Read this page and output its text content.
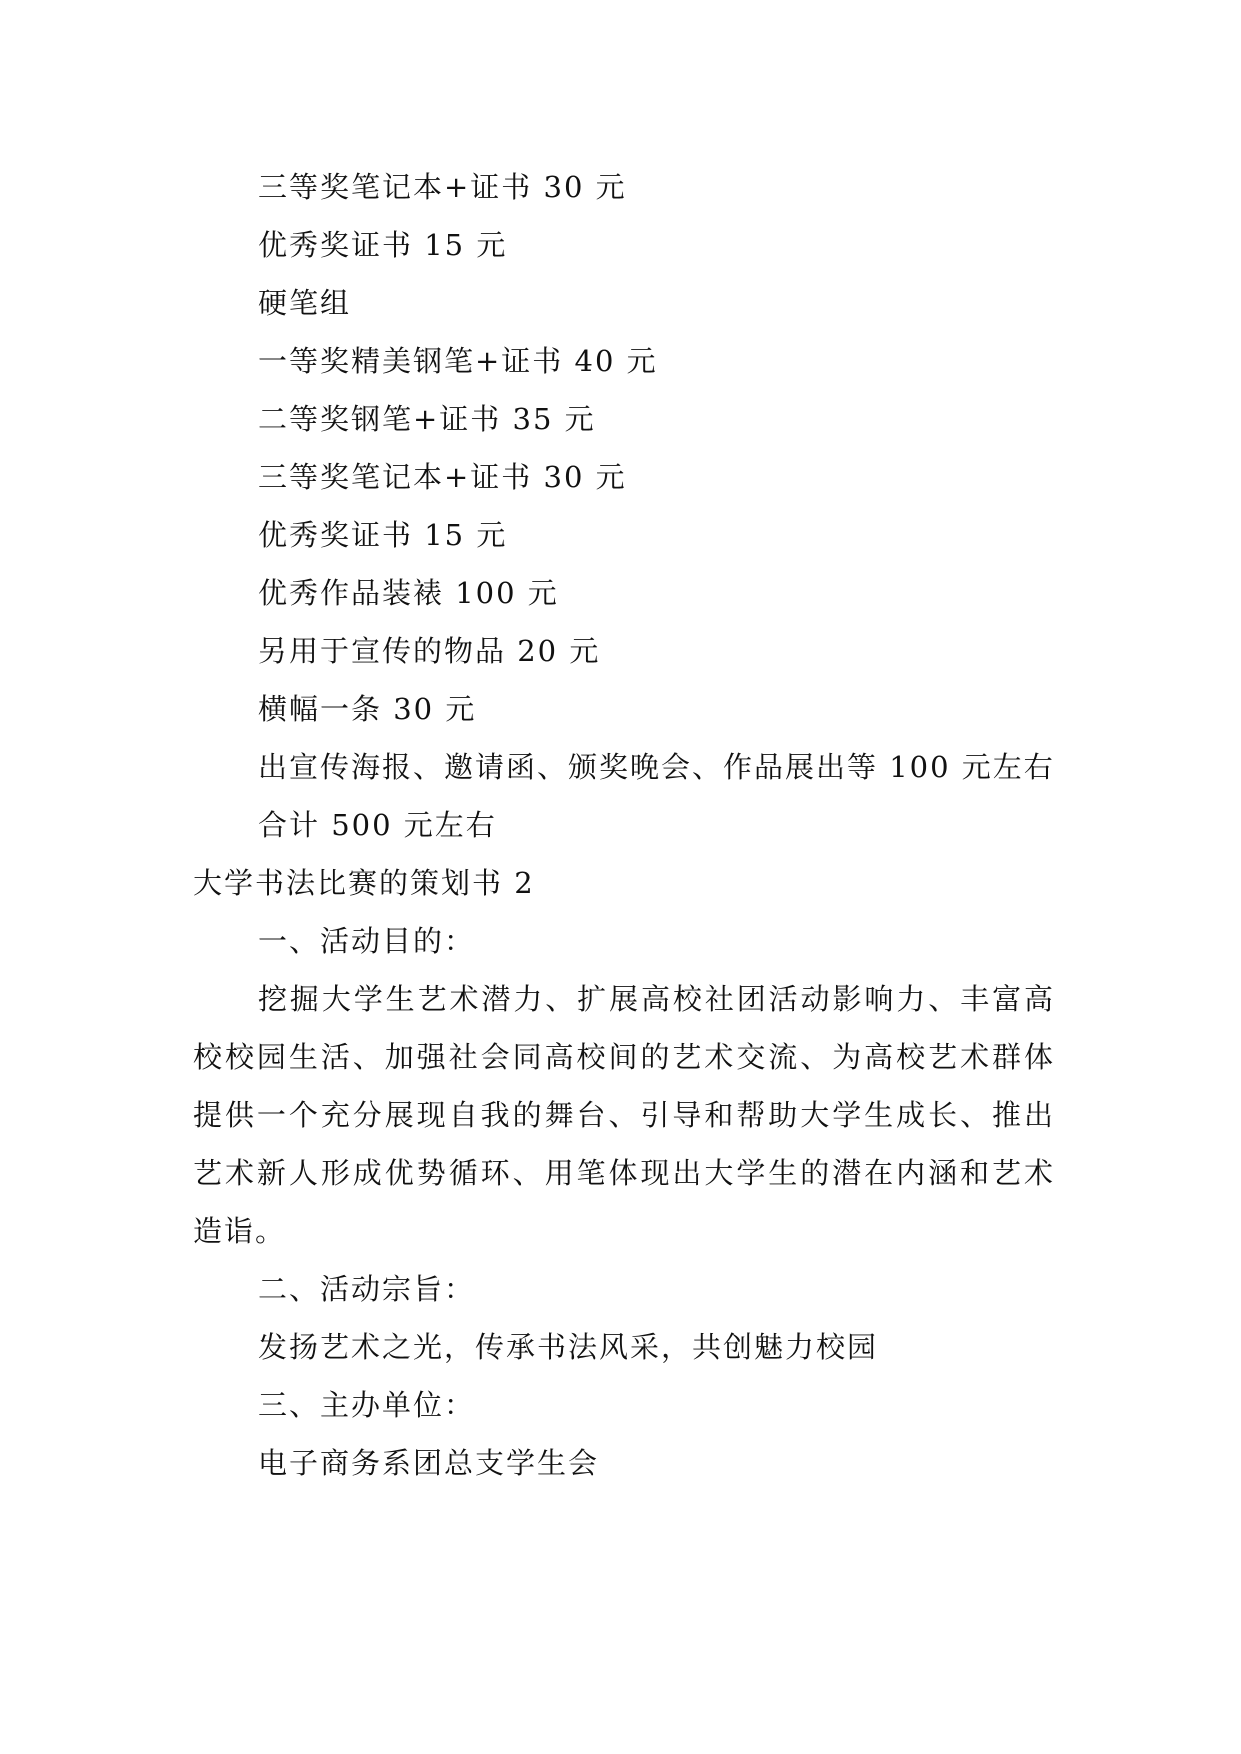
三等奖笔记本+证书 30 元
优秀奖证书 15 元
硬笔组
一等奖精美钢笔+证书 40 元
二等奖钢笔+证书 35 元
三等奖笔记本+证书 30 元
优秀奖证书 15 元
优秀作品装裱 100 元
另用于宣传的物品 20 元
横幅一条 30 元

出宣传海报、邀请函、颁奖晚会、作品展出等 100 元左右

合计 500 元左右
大学书法比赛的策划书 2
一、活动目的：

挖掘大学生艺术潜力、扩展高校社团活动影响力、丰富高校校园生活、加强社会同高校间的艺术交流、为高校艺术群体提供一个充分展现自我的舞台、引导和帮助大学生成长、推出艺术新人形成优势循环、用笔体现出大学生的潜在内涵和艺术造诣。

二、活动宗旨：
发扬艺术之光，传承书法风采，共创魅力校园
三、主办单位：
电子商务系团总支学生会
